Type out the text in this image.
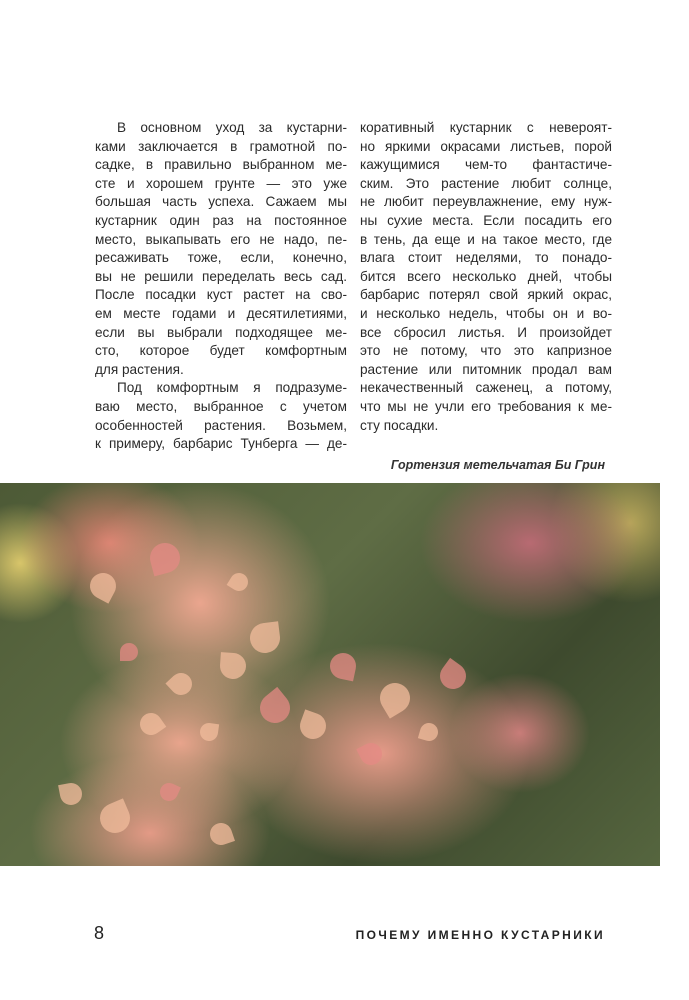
В основном уход за кустарни-
ками заключается в грамотной по-
садке, в правильно выбранном ме-
сте и хорошем грунте — это уже
большая часть успеха. Сажаем мы
кустарник один раз на постоянное
место, выкапывать его не надо, пе-
ресаживать тоже, если, конечно,
вы не решили переделать весь сад.
После посадки куст растет на сво-
ем месте годами и десятилетиями,
если вы выбрали подходящее ме-
сто, которое будет комфортным
для растения.
Под комфортным я подразуме-
ваю место, выбранное с учетом
особенностей растения. Возьмем,
к примеру, барбарис Тунберга — де-
коративный кустарник с невероят-
но яркими окрасами листьев, порой
кажущимися чем-то фантастиче-
ским. Это растение любит солнце,
не любит переувлажнение, ему нуж-
ны сухие места. Если посадить его
в тень, да еще и на такое место, где
влага стоит неделями, то понадо-
бится всего несколько дней, чтобы
барбарис потерял свой яркий окрас,
и несколько недель, чтобы он и во-
все сбросил листья. И произойдет
это не потому, что это капризное
растение или питомник продал вам
некачественный саженец, а потому,
что мы не учли его требования к ме-
сту посадки.
Гортензия метельчатая Би Грин
8	ПОЧЕМУ ИМЕННО КУСТАРНИКИ
